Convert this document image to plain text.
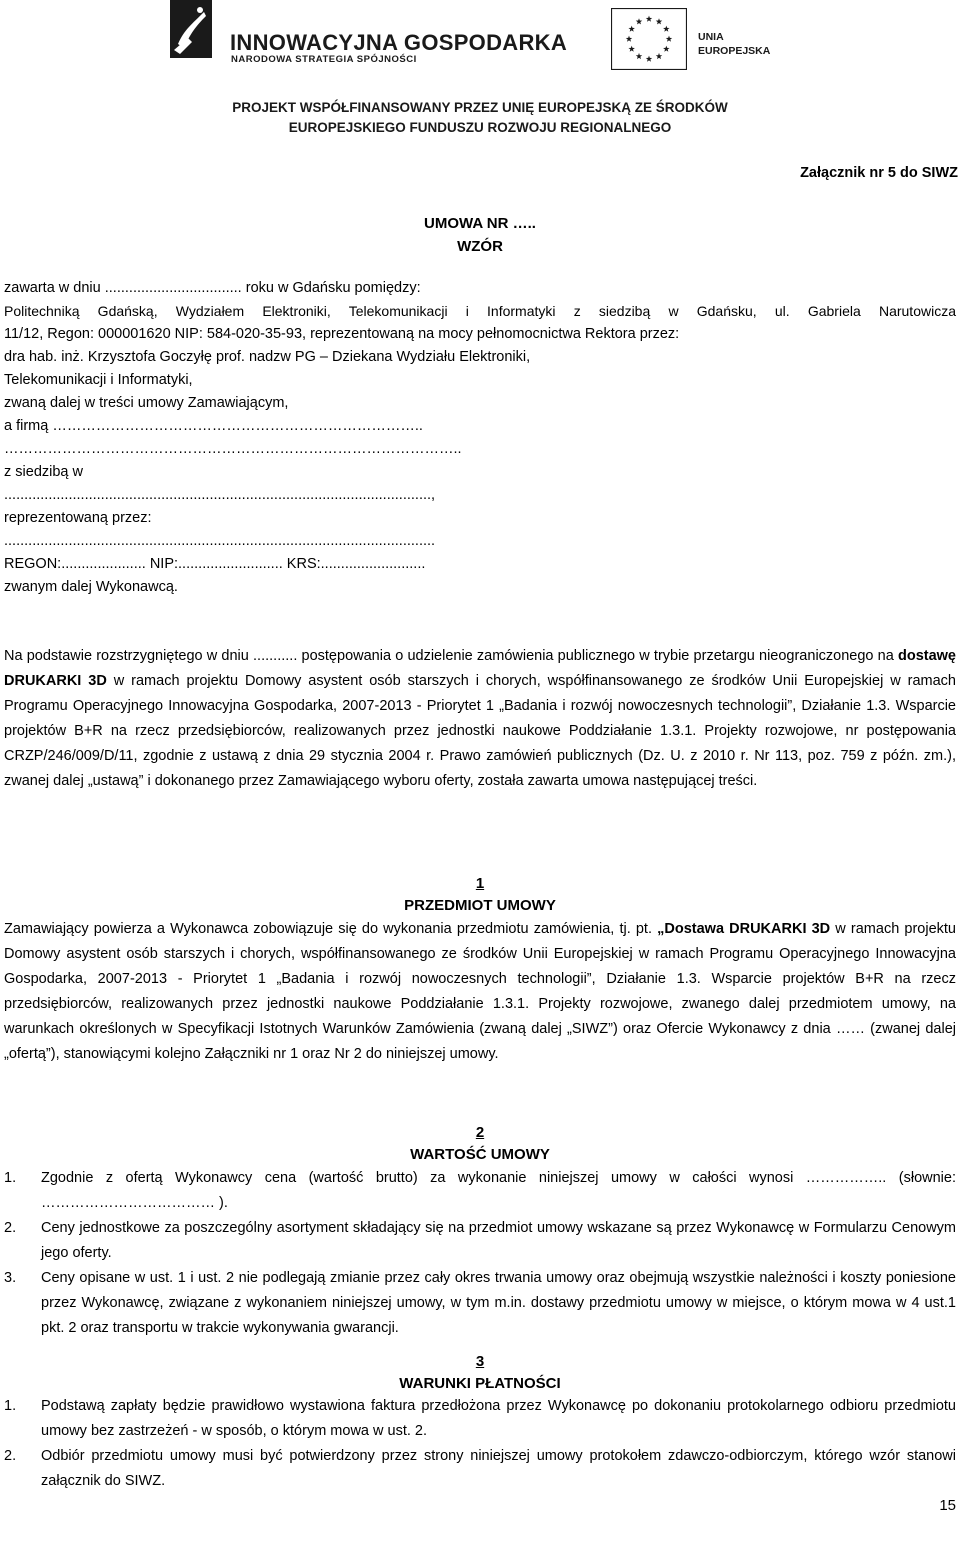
INNOWACYJNA GOSPODARKA
NARODOWA STRATEGIA SPÓJNOŚCI
UNIA
EUROPEJSKA
PROJEKT WSPÓŁFINANSOWANY PRZEZ UNIĘ EUROPEJSKĄ ZE ŚRODKÓW
EUROPEJSKIEGO FUNDUSZU ROZWOJU REGIONALNEGO
Załącznik nr 5 do SIWZ
UMOWA NR …..
WZÓR
zawarta w dniu .................................. roku w Gdańsku pomiędzy:
Politechniką Gdańską, Wydziałem Elektroniki, Telekomunikacji i Informatyki z siedzibą w Gdańsku, ul. Gabriela Narutowicza
11/12, Regon: 000001620 NIP: 584-020-35-93, reprezentowaną na mocy pełnomocnictwa Rektora przez:
dra hab. inż. Krzysztofa Goczyłę prof. nadzw PG – Dziekana Wydziału Elektroniki,
Telekomunikacji i Informatyki,
zwaną dalej w treści umowy Zamawiającym,
a firmą …………………………………………………………………..
…………………………………………………………………………………..
z siedzibą w
..........................................................................................................,
reprezentowaną przez:
...........................................................................................................
REGON:..................... NIP:.......................... KRS:..........................
zwanym dalej Wykonawcą.
Na podstawie rozstrzygniętego w dniu ........... postępowania o udzielenie zamówienia publicznego w trybie przetargu nieograniczonego na dostawę DRUKARKI 3D w ramach projektu Domowy asystent osób starszych i chorych, współfinansowanego ze środków Unii Europejskiej w ramach Programu Operacyjnego Innowacyjna Gospodarka, 2007-2013 - Priorytet 1 „Badania i rozwój nowoczesnych technologii”, Działanie 1.3. Wsparcie projektów B+R na rzecz przedsiębiorców, realizowanych przez jednostki naukowe Poddziałanie 1.3.1. Projekty rozwojowe, nr postępowania CRZP/246/009/D/11, zgodnie z ustawą z dnia 29 stycznia 2004 r. Prawo zamówień publicznych (Dz. U. z 2010 r. Nr 113, poz. 759 z późn. zm.), zwanej dalej „ustawą” i dokonanego przez Zamawiającego wyboru oferty, została zawarta umowa następującej treści.
1
PRZEDMIOT UMOWY
Zamawiający powierza a Wykonawca zobowiązuje się do wykonania przedmiotu zamówienia, tj. pt. „Dostawa DRUKARKI 3D w ramach projektu Domowy asystent osób starszych i chorych, współfinansowanego ze środków Unii Europejskiej w ramach Programu Operacyjnego Innowacyjna Gospodarka, 2007-2013 - Priorytet 1 „Badania i rozwój nowoczesnych technologii”, Działanie 1.3. Wsparcie projektów B+R na rzecz przedsiębiorców, realizowanych przez jednostki naukowe Poddziałanie 1.3.1. Projekty rozwojowe, zwanego dalej przedmiotem umowy, na warunkach określonych w Specyfikacji Istotnych Warunków Zamówienia (zwaną dalej „SIWZ”) oraz Ofercie Wykonawcy z dnia …… (zwanej dalej „ofertą”), stanowiącymi kolejno Załączniki nr 1 oraz Nr 2 do niniejszej umowy.
2
WARTOŚĆ UMOWY
1.	Zgodnie z ofertą Wykonawcy cena (wartość brutto) za wykonanie niniejszej umowy w całości wynosi …………….. (słownie: ……………………………… ).
2.	Ceny jednostkowe za poszczególny asortyment składający się na przedmiot umowy wskazane są przez Wykonawcę w Formularzu Cenowym jego oferty.
3.	Ceny opisane w ust. 1 i ust. 2 nie podlegają zmianie przez cały okres trwania umowy oraz obejmują wszystkie należności i koszty poniesione przez Wykonawcę, związane z wykonaniem niniejszej umowy, w tym m.in. dostawy przedmiotu umowy w miejsce, o którym mowa w 4 ust.1 pkt. 2 oraz transportu w trakcie wykonywania gwarancji.
3
WARUNKI PŁATNOŚCI
1.	Podstawą zapłaty będzie prawidłowo wystawiona faktura przedłożona przez Wykonawcę po dokonaniu protokolarnego odbioru przedmiotu umowy bez zastrzeżeń - w sposób, o którym mowa w ust. 2.
2.	Odbiór przedmiotu umowy musi być potwierdzony przez strony niniejszej umowy protokołem zdawczo-odbiorczym, którego wzór stanowi załącznik do SIWZ.
15
